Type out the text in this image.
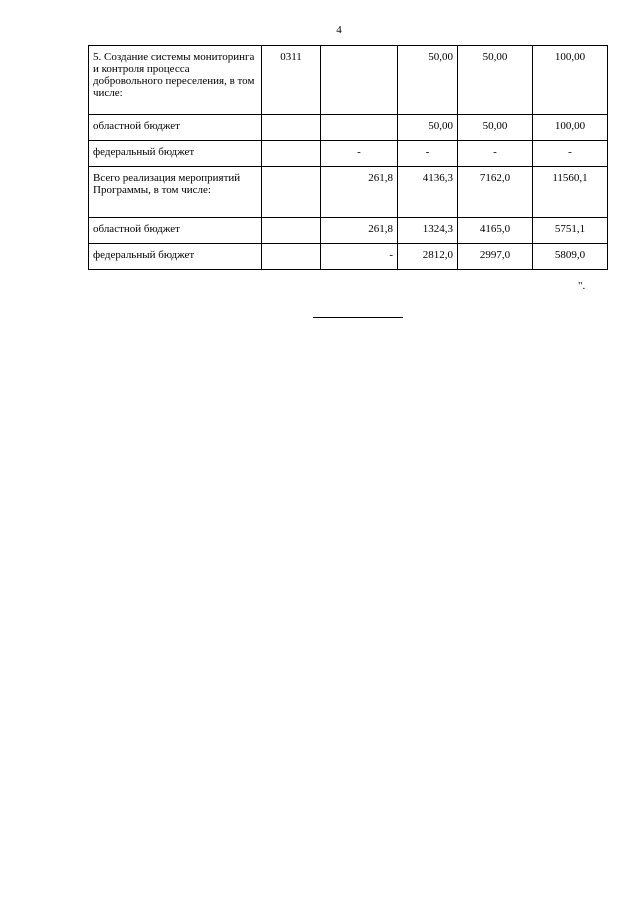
4
5. Создание системы мониторинга и контроля процесса добровольного переселения, в том числе:	0311		50,00	50,00	100,00
областной бюджет			50,00	50,00	100,00
федеральный бюджет		-	-	-	-
Всего реализация мероприятий Программы, в том числе:		261,8	4136,3	7162,0	11560,1
областной бюджет		261,8	1324,3	4165,0	5751,1
федеральный бюджет		-	2812,0	2997,0	5809,0
".
